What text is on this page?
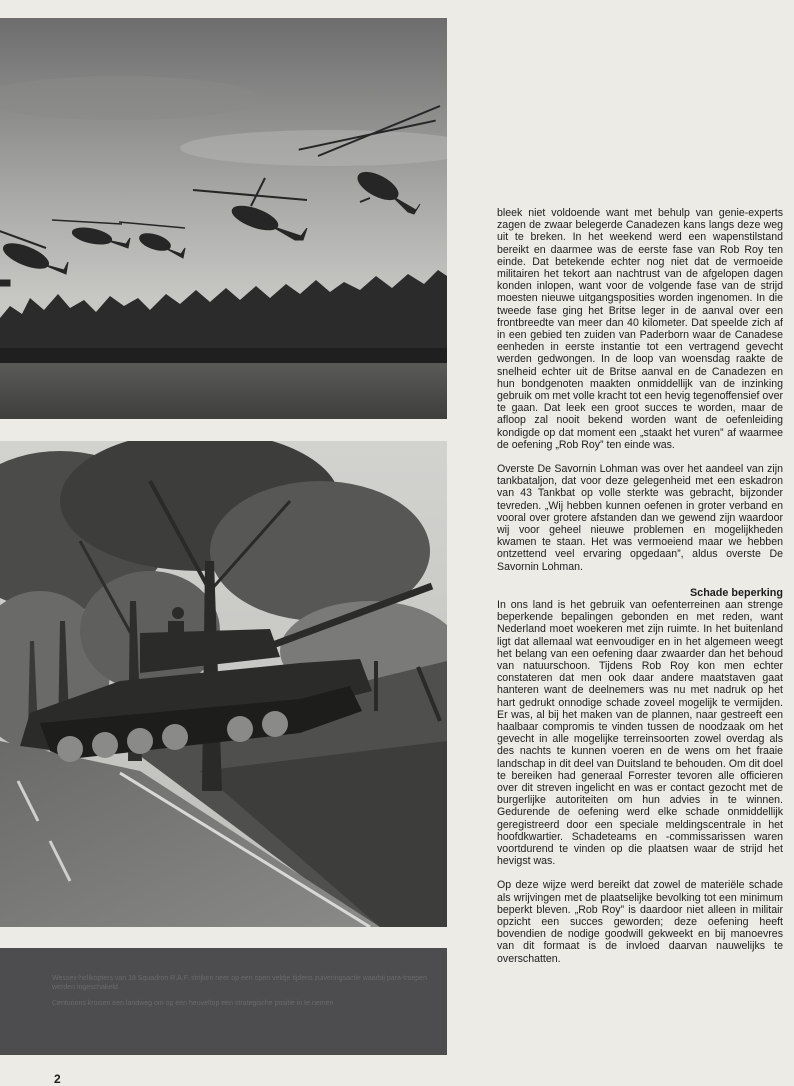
Wessex-helikopters van 18 Squadron R.A.F. strijken neer op een open veldje tijdens zuiveringsactie waarbij para-troepen werden ingeschakeld

Centurions kruisen een landweg om op een heuveltop een strategische positie in te nemen

bleek niet voldoende want met behulp van genie-experts zagen de zwaar belegerde Canadezen kans langs deze weg uit te breken. In het weekend werd een wapenstilstand bereikt en daarmee was de eerste fase van Rob Roy ten einde. Dat betekende echter nog niet dat de vermoeide militairen het tekort aan nachtrust van de afgelopen dagen konden inlopen, want voor de volgende fase van de strijd moesten nieuwe uitgangsposities worden ingenomen. In die tweede fase ging het Britse leger in de aanval over een frontbreedte van meer dan 40 kilometer. Dat speelde zich af in een gebied ten zuiden van Paderborn waar de Canadese eenheden in eerste instantie tot een vertragend gevecht werden gedwongen. In de loop van woensdag raakte de snelheid echter uit de Britse aanval en de Canadezen en hun bondgenoten maakten onmiddellijk van de inzinking gebruik om met volle kracht tot een hevig tegenoffensief over te gaan. Dat leek een groot succes te worden, maar de afloop zal nooit bekend worden want de oefenleiding kondigde op dat moment een „staakt het vuren” af waarmee de oefening „Rob Roy” ten einde was.

Overste De Savornin Lohman was over het aandeel van zijn tankbataljon, dat voor deze gelegenheid met een eskadron van 43 Tankbat op volle sterkte was gebracht, bijzonder tevreden. „Wij hebben kunnen oefenen in groter verband en vooral over grotere afstanden dan we gewend zijn waardoor wij voor geheel nieuwe problemen en mogelijkheden kwamen te staan. Het was vermoeiend maar we hebben ontzettend veel ervaring opgedaan”, aldus overste De Savornin Lohman.

Schade beperking

In ons land is het gebruik van oefenterreinen aan strenge beperkende bepalingen gebonden en met reden, want Nederland moet woekeren met zijn ruimte. In het buitenland ligt dat allemaal wat eenvoudiger en in het algemeen weegt het belang van een oefening daar zwaarder dan het behoud van natuurschoon. Tijdens Rob Roy kon men echter constateren dat men ook daar andere maatstaven gaat hanteren want de deelnemers was nu met nadruk op het hart gedrukt onnodige schade zoveel mogelijk te vermijden. Er was, al bij het maken van de plannen, naar gestreeft een haalbaar compromis te vinden tussen de noodzaak om het gevecht in alle mogelijke terreinsoorten zowel overdag als des nachts te kunnen voeren en de wens om het fraaie landschap in dit deel van Duitsland te behouden. Om dit doel te bereiken had generaal Forrester tevoren alle officieren over dit streven ingelicht en was er contact gezocht met de burgerlijke autoriteiten om hun advies in te winnen. Gedurende de oefening werd elke schade onmiddellijk geregistreerd door een speciale meldingscentrale in het hoofdkwartier. Schadeteams en -commissarissen waren voortdurend te vinden op die plaatsen waar de strijd het hevigst was.

Op deze wijze werd bereikt dat zowel de materiële schade als wrijvingen met de plaatselijke bevolking tot een minimum beperkt bleven. „Rob Roy” is daardoor niet alleen in militair opzicht een succes geworden; deze oefening heeft bovendien de nodige goodwill gekweekt en bij manoevres van dit formaat is de invloed daarvan nauwelijks te overschatten.

2
